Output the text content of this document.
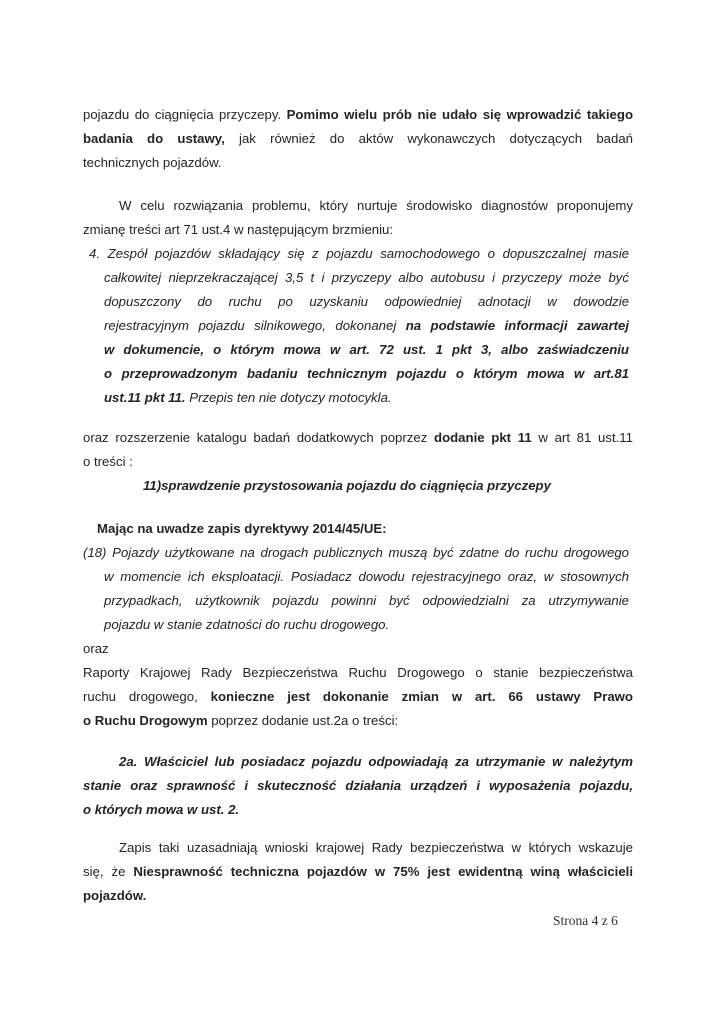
pojazdu do ciągnięcia przyczepy. Pomimo wielu prób nie udało się wprowadzić takiego
badania do ustawy, jak również do aktów wykonawczych dotyczących badań
technicznych pojazdów.
W celu rozwiązania problemu, który nurtuje środowisko diagnostów proponujemy
zmianę treści art 71 ust.4 w następującym brzmieniu:
4. Zespół pojazdów składający się z pojazdu samochodowego o dopuszczalnej masie
całkowitej nieprzekraczającej 3,5 t i przyczepy albo autobusu i przyczepy może być
dopuszczony do ruchu po uzyskaniu odpowiedniej adnotacji w dowodzie
rejestracyjnym pojazdu silnikowego, dokonanej na podstawie informacji zawartej
w dokumencie, o którym mowa w art. 72 ust. 1 pkt 3, albo zaświadczeniu
o przeprowadzonym badaniu technicznym pojazdu o którym mowa w art.81
ust.11 pkt 11. Przepis ten nie dotyczy motocykla.
oraz rozszerzenie katalogu badań dodatkowych poprzez dodanie pkt 11 w art 81 ust.11
o treści :
11)sprawdzenie przystosowania pojazdu do ciągnięcia przyczepy
Mając na uwadze zapis dyrektywy 2014/45/UE:
(18) Pojazdy użytkowane na drogach publicznych muszą być zdatne do ruchu drogowego
w momencie ich eksploatacji. Posiadacz dowodu rejestracyjnego oraz, w stosownych
przypadkach, użytkownik pojazdu powinni być odpowiedzialni za utrzymywanie
pojazdu w stanie zdatności do ruchu drogowego.
oraz
Raporty Krajowej Rady Bezpieczeństwa Ruchu Drogowego o stanie bezpieczeństwa
ruchu drogowego, konieczne jest dokonanie zmian w art. 66 ustawy Prawo
o Ruchu Drogowym poprzez dodanie ust.2a o treści:
2a. Właściciel lub posiadacz pojazdu odpowiadają za utrzymanie w należytym
stanie oraz sprawność i skuteczność działania urządzeń i wyposażenia pojazdu,
o których mowa w ust. 2.
Zapis taki uzasadniają wnioski krajowej Rady bezpieczeństwa w których wskazuje
się, że Niesprawność techniczna pojazdów w 75% jest ewidentną winą właścicieli
pojazdów.
Strona 4 z 6
